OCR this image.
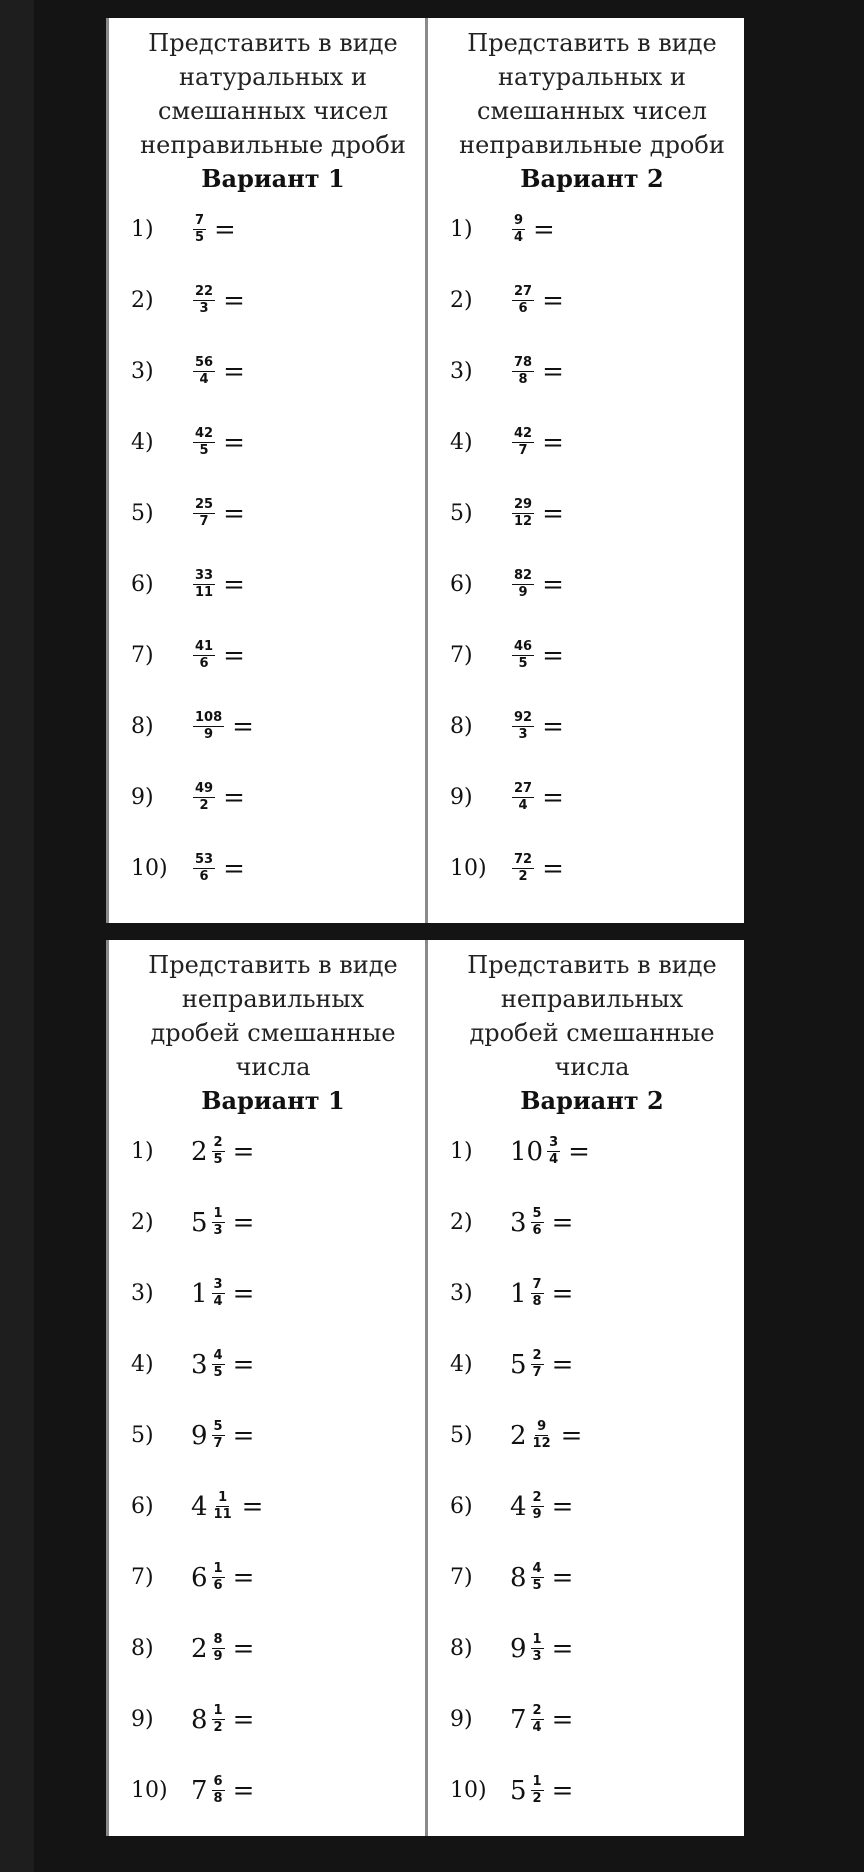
Представить в виде
натуральных и
смешанных чисел
неправильные дроби
Вариант 1
1)	$\frac{7}{5}$ =
2)	$\frac{22}{3}$ =
3)	$\frac{56}{4}$ =
4)	$\frac{42}{5}$ =
5)	$\frac{25}{7}$ =
6)	$\frac{33}{11}$ =
7)	$\frac{41}{6}$ =
8)	$\frac{108}{9}$ =
9)	$\frac{49}{2}$ =
10)	$\frac{53}{6}$ =
Представить в виде
натуральных и
смешанных чисел
неправильные дроби
Вариант 2
1)	$\frac{9}{4}$ =
2)	$\frac{27}{6}$ =
3)	$\frac{78}{8}$ =
4)	$\frac{42}{7}$ =
5)	$\frac{29}{12}$ =
6)	$\frac{82}{9}$ =
7)	$\frac{46}{5}$ =
8)	$\frac{92}{3}$ =
9)	$\frac{27}{4}$ =
10)	$\frac{72}{2}$ =
Представить в виде
неправильных
дробей смешанные
числа
Вариант 1
1)	$2 \frac{2}{5}$ =
2)	$5 \frac{1}{3}$ =
3)	$1 \frac{3}{4}$ =
4)	$3 \frac{4}{5}$ =
5)	$9 \frac{5}{7}$ =
6)	$4 \frac{1}{11}$ =
7)	$6 \frac{1}{6}$ =
8)	$2 \frac{8}{9}$ =
9)	$8 \frac{1}{2}$ =
10) $7 \frac{6}{8}$ =
Представить в виде
неправильных
дробей смешанные
числа
Вариант 2
1)	$10 \frac{3}{4}$ =
2)	$3 \frac{5}{6}$ =
3)	$1 \frac{7}{8}$ =
4)	$5 \frac{2}{7}$ =
5)	$2 \frac{9}{12}$ =
6)	$4 \frac{2}{9}$ =
7)	$8 \frac{4}{5}$ =
8)	$9 \frac{1}{3}$ =
9)	$7 \frac{2}{4}$ =
10) $5 \frac{1}{2}$ =
